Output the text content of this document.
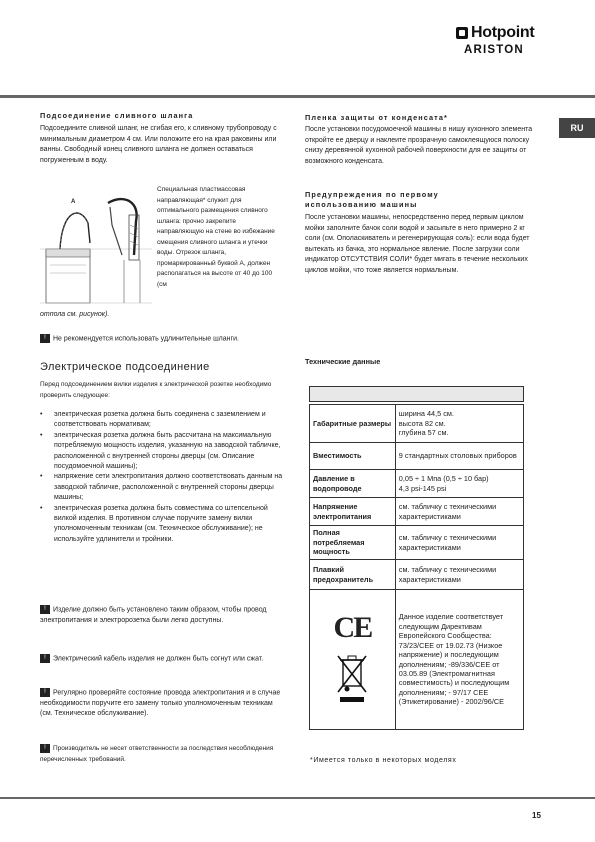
Hotpoint
ARISTON
RU
Подсоединение сливного шланга
Подсоедините сливной шланг, не сгибая его, к сливному трубопроводу с минимальным диаметром 4 см. Или положите его на края раковины или ванны. Свободный конец сливного шланга не должен оставаться погруженным в воду.
A
Специальная пластмассовая направляющая* служит для оптимального размещения сливного шланга: прочно закрепите направляющую на стене во избежание смещения сливного шланга и утечки воды. Отрезок шланга, промаркированный буквой А, должен располагаться на высоте от 40 до 100 (см
отпола см. рисунок).
! Не рекомендуется использовать удлинительные шланги.
Электрическое подсоединение
Перед подсоединением вилки изделия к электрической розетке необходимо проверить следующее:
• электрическая розетка должна быть соединена с заземлением и соответствовать нормативам;
• электрическая розетка должна быть рассчитана на максимальную потребляемую мощность изделия, указанную на заводской табличке, расположенной с внутренней стороны дверцы (см. Описание посудомоечной машины);
• напряжение сети электропитания должно соответствовать данным на заводской табличке, расположенной с внутренней стороны дверцы машины;
• электрическая розетка должна быть совместима со штепсельной вилкой изделия. В противном случае поручите замену вилки уполномоченным техникам (см. Техническое обслуживание); не используйте удлинители и тройники.
! Изделие должно быть установлено таким образом, чтобы провод электропитания и электророзетка были легко доступны.
! Электрический кабель изделия не должен быть согнут или сжат.
! Регулярно проверяйте состояние провода электропитания и в случае необходимости поручите его замену только уполномоченным техникам (см. Техническое обслуживание).
! Производитель не несет ответственности за последствия несоблюдения перечисленных требований.
Пленка защиты от конденсата*
После установки посудомоечной машины в нишу кухонного элемента откройте ее дверцу и наклеите прозрачную самоклеящуюся полоску снизу деревянной кухонной рабочей поверхности для ее защиты от возможного конденсата.
Предупреждения по первому
использованию машины
После установки машины, непосредственно перед первым циклом мойки заполните бачок соли водой и засыпьте в него примерно 2 кг соли (см. Ополаскиватель и регенерирующая соль): если вода будет вытекать из бачка, это нормальное явление. После загрузки соли индикатор ОТСУТСТВИЯ СОЛИ* будет мигать в течение нескольких циклов мойки, что тоже является нормальным.
Технические данные
Габаритные размеры	ширина 44,5 см.
высота 82 см.
глубина 57 см.
Вместимость	9 стандартных столовых приборов
Давление в водопроводе	0,05 ÷ 1 Mпa (0,5 ÷ 10 бар)
4,3 psi-145 psi
Напряжение электропитания	см. табличку с техническими характеристиками
Полная потребляемая мощность	см. табличку с техническими характеристиками
Плавкий предохранитель	см. табличку с техническими характеристиками

CE	Данное изделие соответствует следующим Директивам Европейского Сообщества: 73/23/CEE от 19.02.73 (Низкое напряжение) и последующим дополнениям; -89/336/CEE от 03.05.89 (Электромагнитная совместимость) и последующим дополнениям; - 97/17 CEE (Этикетирование) - 2002/96/CE
*Имеется только в некоторых моделях
15
